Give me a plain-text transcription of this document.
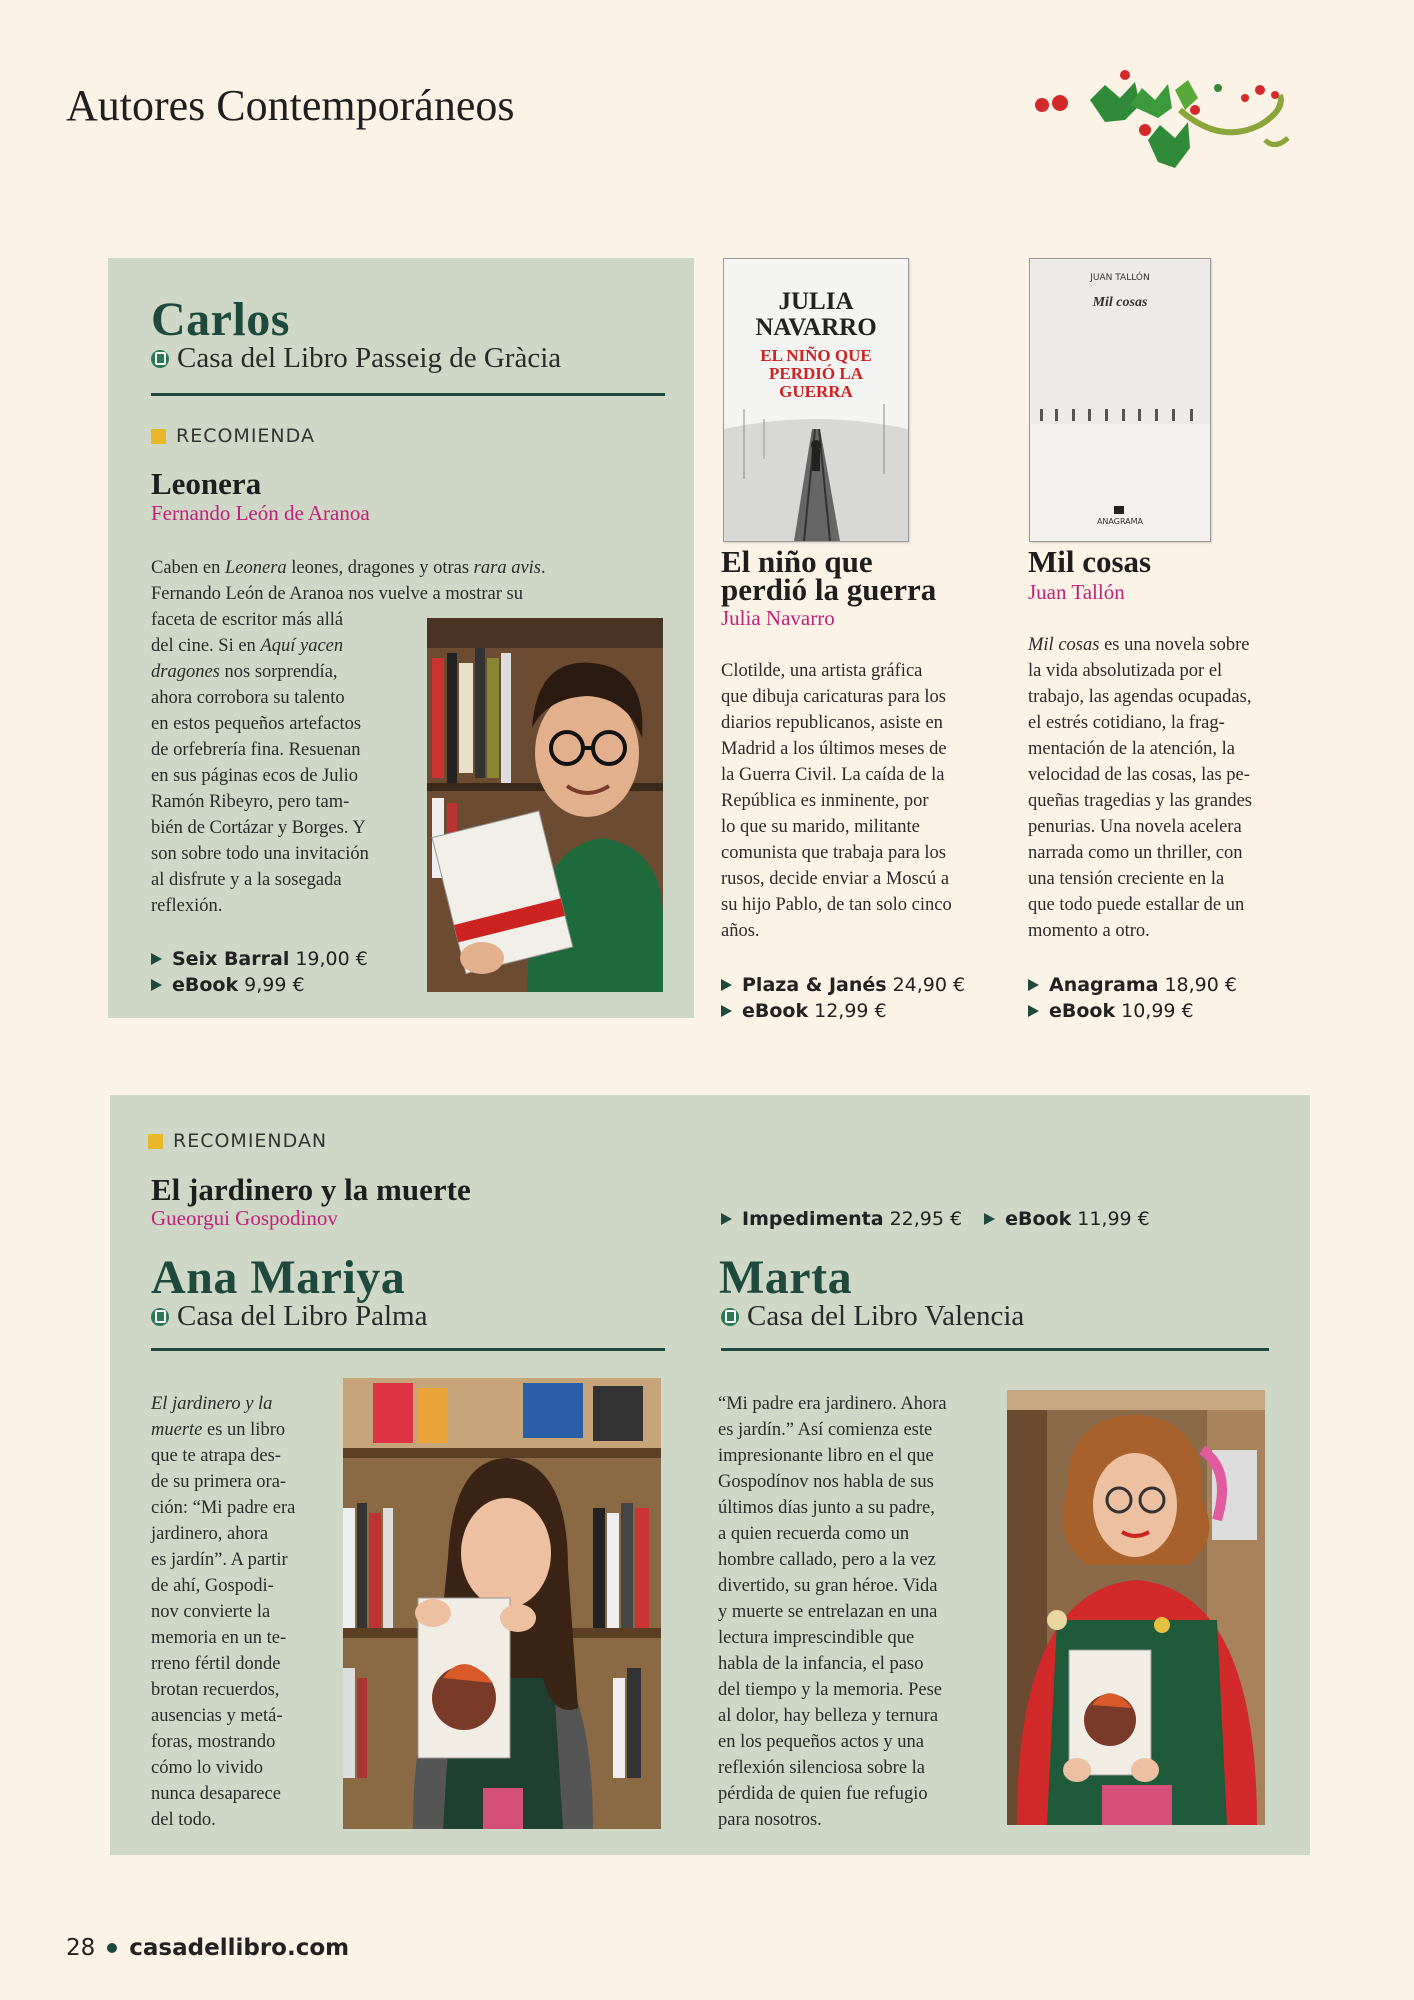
Autores Contemporáneos
Carlos
Casa del Libro Passeig de Gràcia
RECOMIENDA
Leonera
Fernando León de Aranoa
Caben en Leonera leones, dragones y otras rara avis.
Fernando León de Aranoa nos vuelve a mostrar su
faceta de escritor más allá
del cine. Si en Aquí yacen
dragones nos sorprendía,
ahora corrobora su talento
en estos pequeños artefactos
de orfebrería fina. Resuenan
en sus páginas ecos de Julio
Ramón Ribeyro, pero tam-
bién de Cortázar y Borges. Y
son sobre todo una invitación
al disfrute y a la sosegada
reflexión.
Seix Barral 19,00 €
eBook 9,99 €
JULIA NAVARRO
EL NIÑO QUE PERDIÓ LA GUERRA
El niño que
perdió la guerra
Julia Navarro
Clotilde, una artista gráfica
que dibuja caricaturas para los
diarios republicanos, asiste en
Madrid a los últimos meses de
la Guerra Civil. La caída de la
República es inminente, por
lo que su marido, militante
comunista que trabaja para los
rusos, decide enviar a Moscú a
su hijo Pablo, de tan solo cinco
años.
Plaza & Janés 24,90 €
eBook 12,99 €
JUAN TALLÓN
Mil cosas
ANAGRAMA
Mil cosas
Juan Tallón
Mil cosas es una novela sobre
la vida absolutizada por el
trabajo, las agendas ocupadas,
el estrés cotidiano, la frag-
mentación de la atención, la
velocidad de las cosas, las pe-
queñas tragedias y las grandes
penurias. Una novela acelera
narrada como un thriller, con
una tensión creciente en la
que todo puede estallar de un
momento a otro.
Anagrama 18,90 €
eBook 10,99 €
RECOMIENDAN
El jardinero y la muerte
Gueorgui Gospodinov	Impedimenta 22,95 € eBook 11,99 €
Ana Mariya
Casa del Libro Palma
El jardinero y la
muerte es un libro
que te atrapa des-
de su primera ora-
ción: “Mi padre era
jardinero, ahora
es jardín”. A partir
de ahí, Gospodi-
nov convierte la
memoria en un te-
rreno fértil donde
brotan recuerdos,
ausencias y metá-
foras, mostrando
cómo lo vivido
nunca desaparece
del todo.
Marta
Casa del Libro Valencia
“Mi padre era jardinero. Ahora
es jardín.” Así comienza este
impresionante libro en el que
Gospodínov nos habla de sus
últimos días junto a su padre,
a quien recuerda como un
hombre callado, pero a la vez
divertido, su gran héroe. Vida
y muerte se entrelazan en una
lectura imprescindible que
habla de la infancia, el paso
del tiempo y la memoria. Pese
al dolor, hay belleza y ternura
en los pequeños actos y una
reflexión silenciosa sobre la
pérdida de quien fue refugio
para nosotros.
28 casadellibro.com
